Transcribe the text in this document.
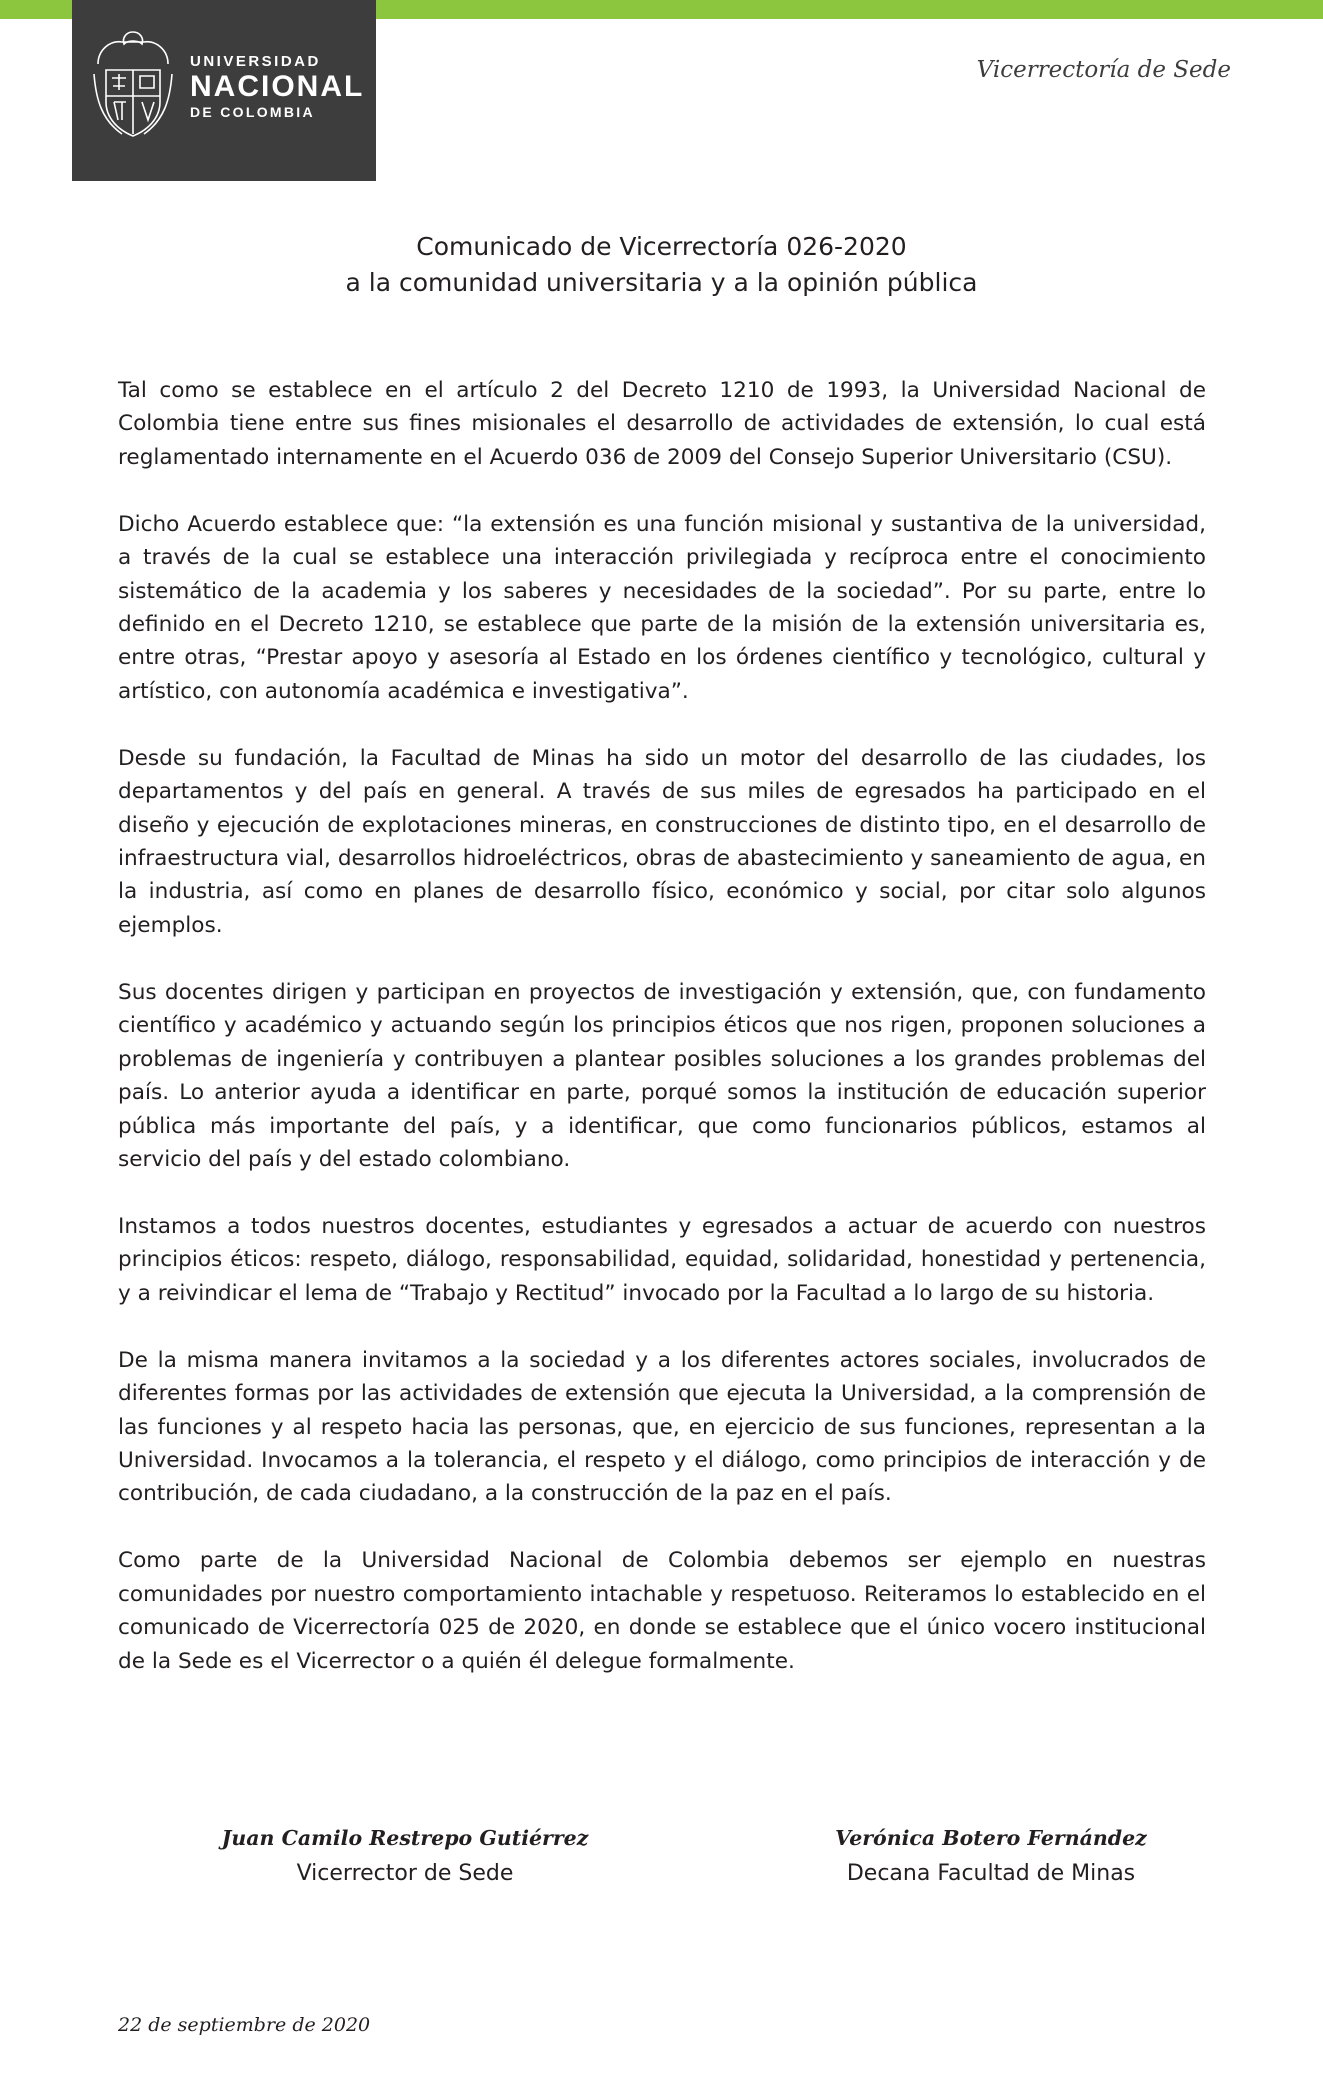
UNIVERSIDAD
NACIONAL
DE COLOMBIA
Vicerrectoría de Sede
Comunicado de Vicerrectoría 026-2020
a la comunidad universitaria y a la opinión pública

Tal como se establece en el artículo 2 del Decreto 1210 de 1993, la Universidad Nacional de Colombia tiene entre sus fines misionales el desarrollo de actividades de extensión, lo cual está reglamentado internamente en el Acuerdo 036 de 2009 del Consejo Superior Universitario (CSU).

Dicho Acuerdo establece que: “la extensión es una función misional y sustantiva de la universidad, a través de la cual se establece una interacción privilegiada y recíproca entre el conocimiento sistemático de la academia y los saberes y necesidades de la sociedad”. Por su parte, entre lo definido en el Decreto 1210, se establece que parte de la misión de la extensión universitaria es, entre otras, “Prestar apoyo y asesoría al Estado en los órdenes científico y tecnológico, cultural y artístico, con autonomía académica e investigativa”.

Desde su fundación, la Facultad de Minas ha sido un motor del desarrollo de las ciudades, los departamentos y del país en general. A través de sus miles de egresados ha participado en el diseño y ejecución de explotaciones mineras, en construcciones de distinto tipo, en el desarrollo de infraestructura vial, desarrollos hidroeléctricos, obras de abastecimiento y saneamiento de agua, en la industria, así como en planes de desarrollo físico, económico y social, por citar solo algunos ejemplos.

Sus docentes dirigen y participan en proyectos de investigación y extensión, que, con fundamento científico y académico y actuando según los principios éticos que nos rigen, proponen soluciones a problemas de ingeniería y contribuyen a plantear posibles soluciones a los grandes problemas del país. Lo anterior ayuda a identificar en parte, porqué somos la institución de educación superior pública más importante del país, y a identificar, que como funcionarios públicos, estamos al servicio del país y del estado colombiano.

Instamos a todos nuestros docentes, estudiantes y egresados a actuar de acuerdo con nuestros principios éticos: respeto, diálogo, responsabilidad, equidad, solidaridad, honestidad y pertenencia, y a reivindicar el lema de “Trabajo y Rectitud” invocado por la Facultad a lo largo de su historia.

De la misma manera invitamos a la sociedad y a los diferentes actores sociales, involucrados de diferentes formas por las actividades de extensión que ejecuta la Universidad, a la comprensión de las funciones y al respeto hacia las personas, que, en ejercicio de sus funciones, representan a la Universidad. Invocamos a la tolerancia, el respeto y el diálogo, como principios de interacción y de contribución, de cada ciudadano, a la construcción de la paz en el país.

Como parte de la Universidad Nacional de Colombia debemos ser ejemplo en nuestras comunidades por nuestro comportamiento intachable y respetuoso. Reiteramos lo establecido en el comunicado de Vicerrectoría 025 de 2020, en donde se establece que el único vocero institucional de la Sede es el Vicerrector o a quién él delegue formalmente.

Juan Camilo Restrepo Gutiérrez
Vicerrector de Sede
Verónica Botero Fernández
Decana Facultad de Minas
22 de septiembre de 2020
